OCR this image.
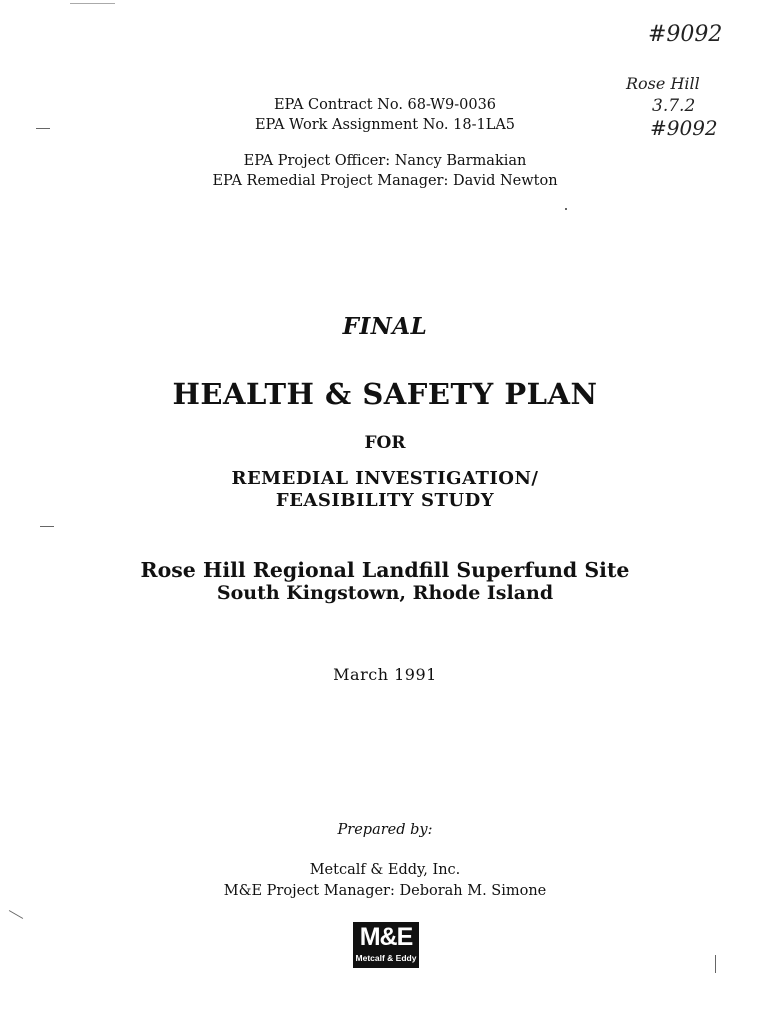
#9092
Rose Hill
3.7.2
#9092
EPA Contract No. 68-W9-0036
EPA Work Assignment No. 18-1LA5
EPA Project Officer: Nancy Barmakian
EPA Remedial Project Manager: David Newton
FINAL
HEALTH & SAFETY PLAN
FOR
REMEDIAL INVESTIGATION/
FEASIBILITY STUDY
Rose Hill Regional Landfill Superfund Site
South Kingstown, Rhode Island
March 1991
Prepared by:
Metcalf & Eddy, Inc.
M&E Project Manager: Deborah M. Simone
M&E
Metcalf & Eddy
